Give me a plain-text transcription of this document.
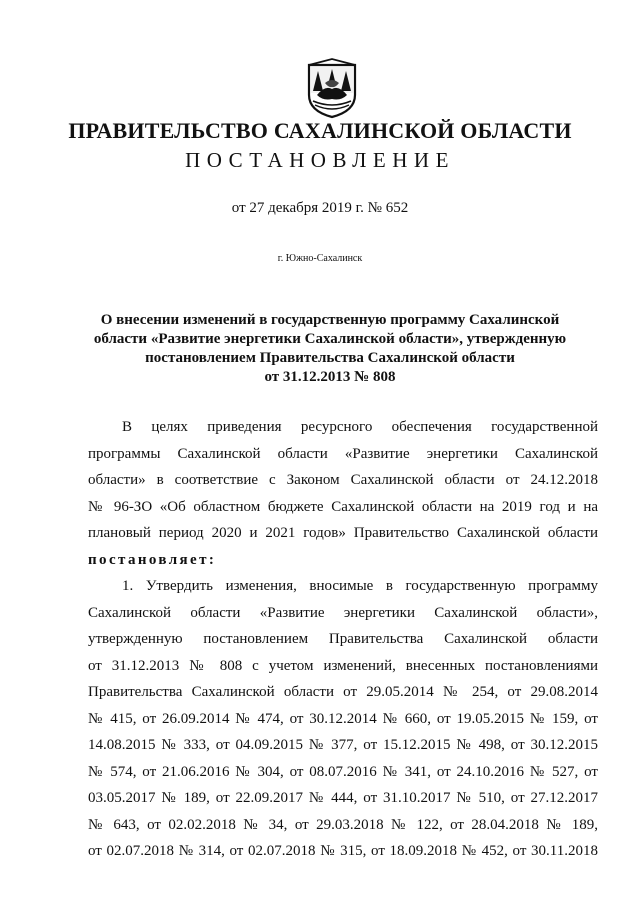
ПРАВИТЕЛЬСТВО САХАЛИНСКОЙ ОБЛАСТИ
ПОСТАНОВЛЕНИЕ
от 27 декабря 2019 г. № 652
г. Южно-Сахалинск
О внесении изменений в государственную программу Сахалинской
области «Развитие энергетики Сахалинской области», утвержденную
постановлением Правительства Сахалинской области
от 31.12.2013 № 808
В целях приведения ресурсного обеспечения государственной
программы Сахалинской области «Развитие энергетики Сахалинской
области» в соответствие с Законом Сахалинской области от 24.12.2018
№ 96-ЗО «Об областном бюджете Сахалинской области на 2019 год и на
плановый период 2020 и 2021 годов» Правительство Сахалинской области
постановляет:
1. Утвердить изменения, вносимые в государственную программу
Сахалинской области «Развитие энергетики Сахалинской области»,
утвержденную постановлением Правительства Сахалинской области
от 31.12.2013 № 808 с учетом изменений, внесенных постановлениями
Правительства Сахалинской области от 29.05.2014 № 254, от 29.08.2014
№ 415, от 26.09.2014 № 474, от 30.12.2014 № 660, от 19.05.2015 № 159, от
14.08.2015 № 333, от 04.09.2015 № 377, от 15.12.2015 № 498, от 30.12.2015
№ 574, от 21.06.2016 № 304, от 08.07.2016 № 341, от 24.10.2016 № 527, от
03.05.2017 № 189, от 22.09.2017 № 444, от 31.10.2017 № 510, от 27.12.2017
№ 643, от 02.02.2018 № 34, от 29.03.2018 № 122, от 28.04.2018 № 189,
от 02.07.2018 № 314, от 02.07.2018 № 315, от 18.09.2018 № 452, от 30.11.2018
